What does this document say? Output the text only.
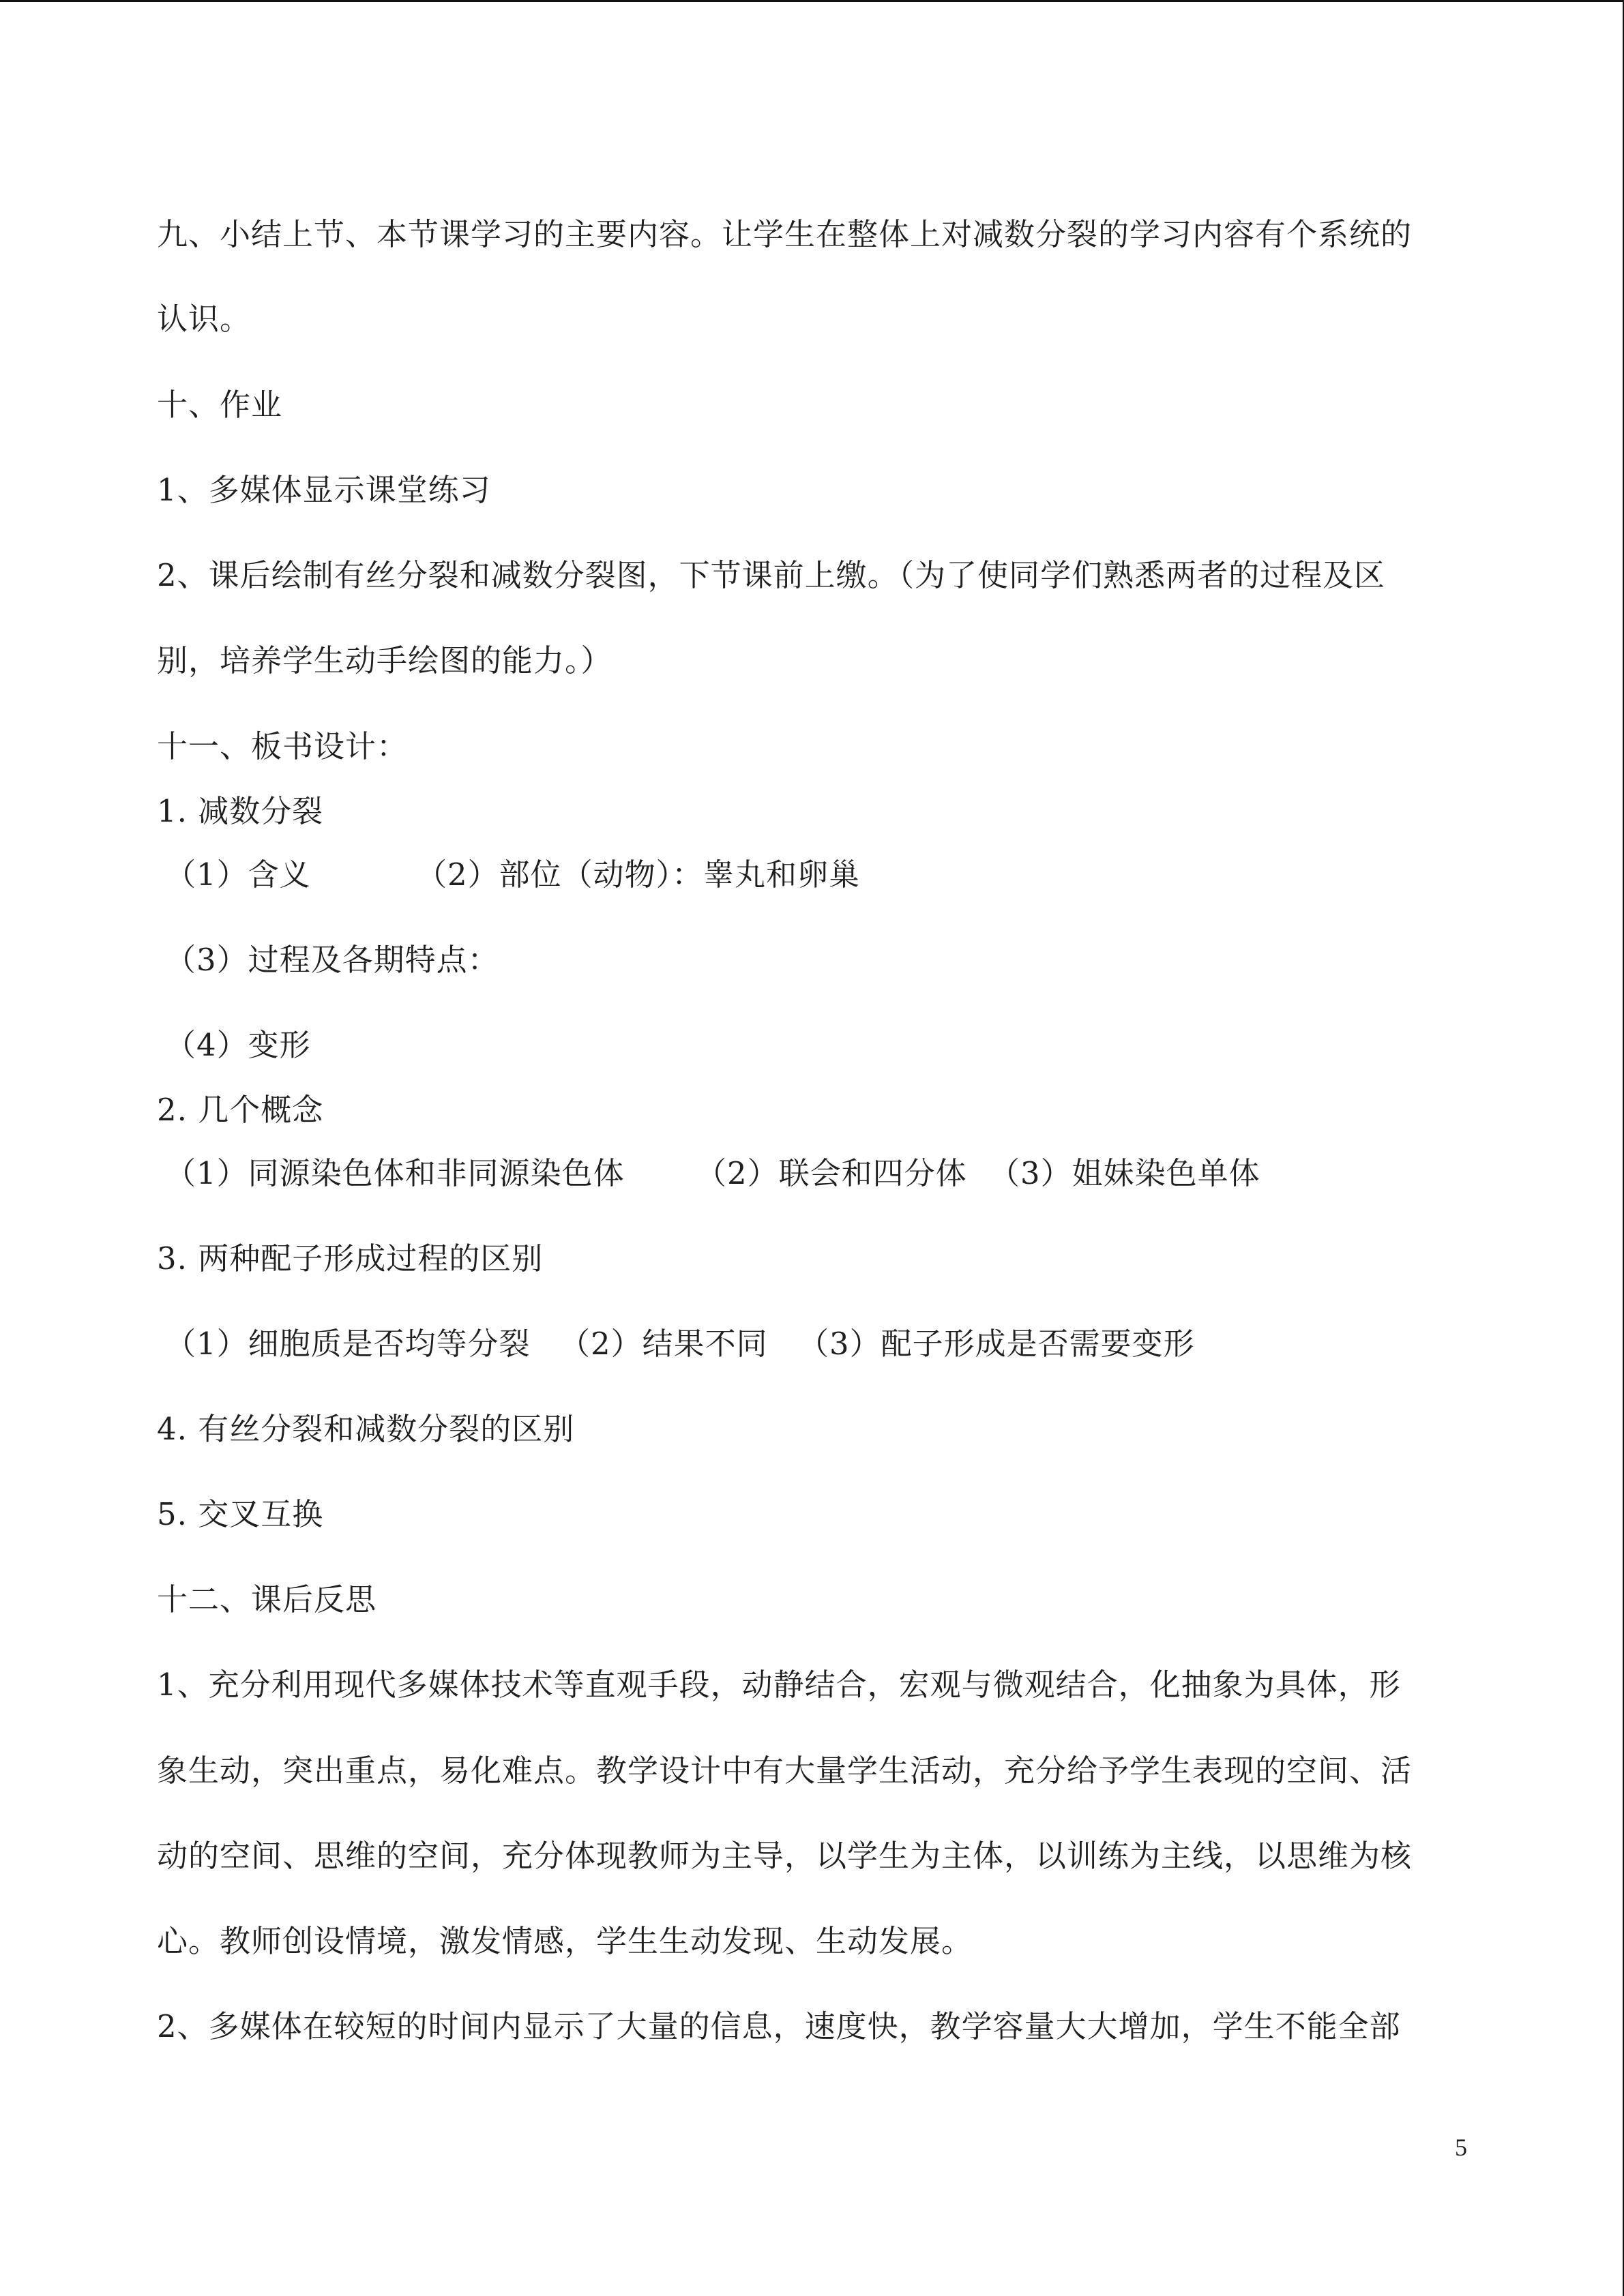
九、小结上节、本节课学习的主要内容。让学生在整体上对减数分裂的学习内容有个系统的
认识。
十、作业
1、多媒体显示课堂练习
2、课后绘制有丝分裂和减数分裂图，下节课前上缴。（为了使同学们熟悉两者的过程及区
别，培养学生动手绘图的能力。）
十一、板书设计：
1. 减数分裂
（1）含义	（2）部位（动物）：睾丸和卵巢
（3）过程及各期特点：
（4）变形
2. 几个概念
（1）同源染色体和非同源染色体 （2）联会和四分体 （3）姐妹染色单体
3. 两种配子形成过程的区别
（1）细胞质是否均等分裂 （2）结果不同 （3）配子形成是否需要变形
4. 有丝分裂和减数分裂的区别
5. 交叉互换
十二、课后反思
1、充分利用现代多媒体技术等直观手段，动静结合，宏观与微观结合，化抽象为具体，形
象生动，突出重点，易化难点。教学设计中有大量学生活动，充分给予学生表现的空间、活
动的空间、思维的空间，充分体现教师为主导，以学生为主体，以训练为主线，以思维为核
心。教师创设情境，激发情感，学生生动发现、生动发展。
2、多媒体在较短的时间内显示了大量的信息，速度快，教学容量大大增加，学生不能全部
5
